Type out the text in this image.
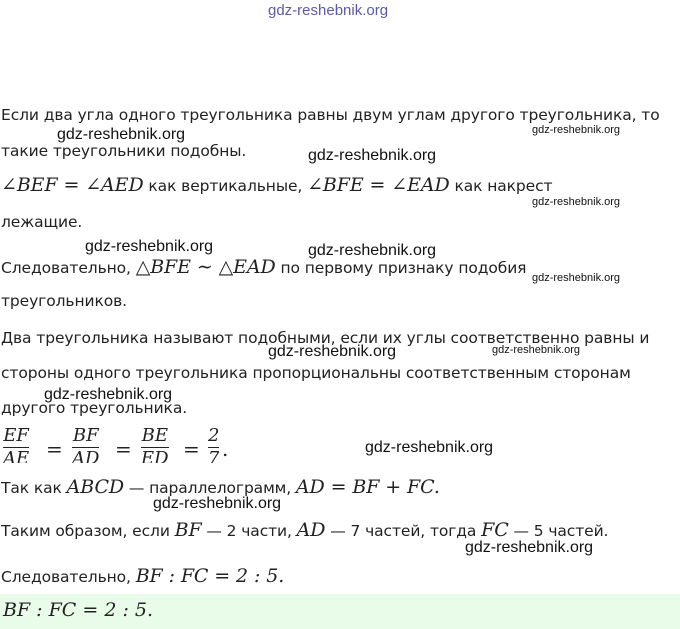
gdz-reshebnik.org
Если два угла одного треугольника равны двум углам другого треугольника, то
такие треугольники подобны.
∠BEF = ∠AED как вертикальные, ∠BFE = ∠EAD как накрест
лежащие.
Следовательно, △BFE ∼ △EAD по первому признаку подобия
треугольников.
Два треугольника называют подобными, если их углы соответственно равны и
стороны одного треугольника пропорциональны соответственным сторонам
другого треугольника.
EF
AE =
BF
AD =
BE
ED =
2
7 .
Так как ABCD — параллелограмм, AD = BF + FC.
Таким образом, если BF — 2 части, AD — 7 частей, тогда FC — 5 частей.
Следовательно, BF : FC = 2 : 5.
BF : FC = 2 : 5.
gdz-reshebnik.org	gdz-reshebnik.org
gdz-reshebnik.org
gdz-reshebnik.org
gdz-reshebnik.org	gdz-reshebnik.org
gdz-reshebnik.org
gdz-reshebnik.org	gdz-reshebnik.org
gdz-reshebnik.org
gdz-reshebnik.org
gdz-reshebnik.org
gdz-reshebnik.org
